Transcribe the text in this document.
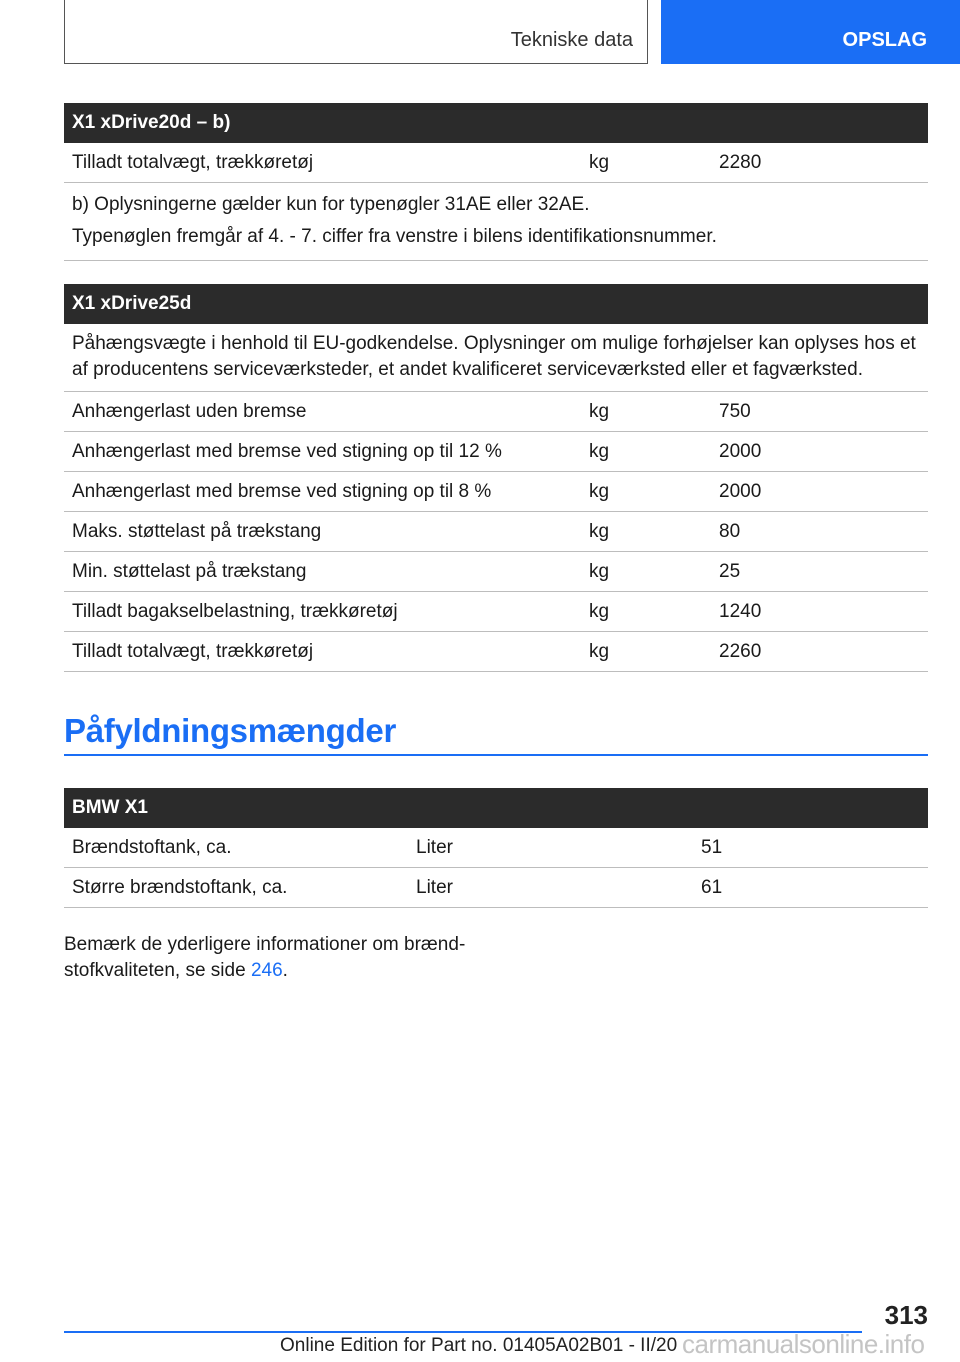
Tekniske data	OPSLAG
X1 xDrive20d – b)
Tilladt totalvægt, trækkøretøj	kg	2280
b) Oplysningerne gælder kun for typenøgler 31AE eller 32AE.
Typenøglen fremgår af 4. - 7. ciffer fra venstre i bilens identifikationsnummer.
X1 xDrive25d
Påhængsvægte i henhold til EU-godkendelse. Oplysninger om mulige forhøjelser kan oplyses hos et af producentens serviceværksteder, et andet kvalificeret serviceværksted eller et fagværksted.
Anhængerlast uden bremse	kg	750
Anhængerlast med bremse ved stigning op til 12 %	kg	2000
Anhængerlast med bremse ved stigning op til 8 %	kg	2000
Maks. støttelast på trækstang	kg	80
Min. støttelast på trækstang	kg	25
Tilladt bagakselbelastning, trækkøretøj	kg	1240
Tilladt totalvægt, trækkøretøj	kg	2260
Påfyldningsmængder
BMW X1
Brændstoftank, ca.	Liter	51
Større brændstoftank, ca.	Liter	61

Bemærk de yderligere informationer om brændstofkvaliteten, se side 246.

313
Online Edition for Part no. 01405A02B01 - II/20 carmanualsonline.info
